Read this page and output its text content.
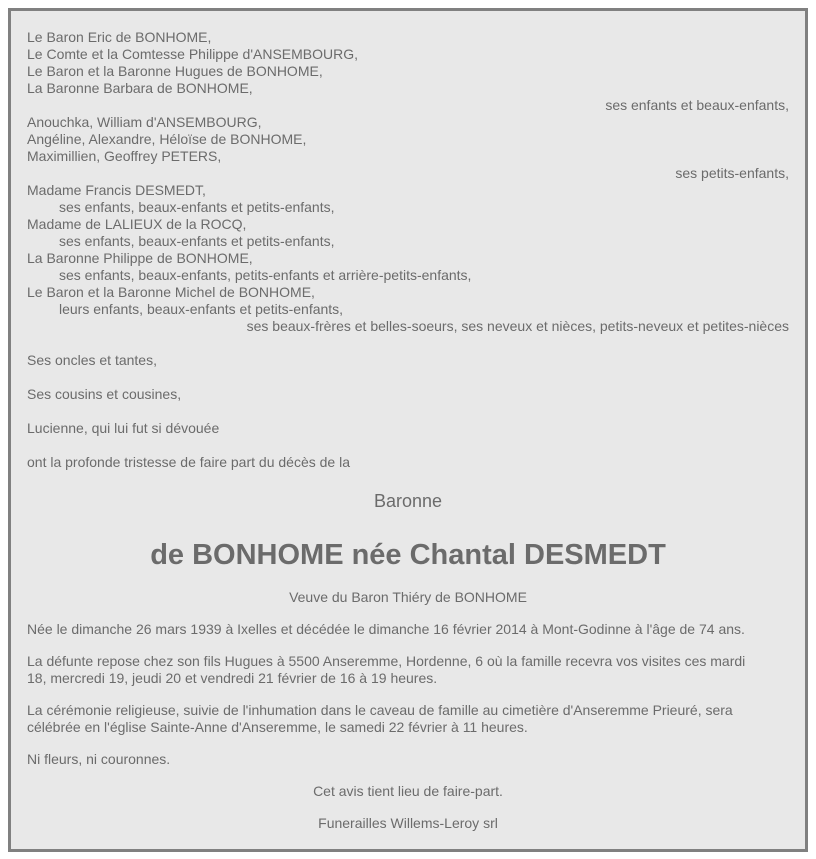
Le Baron Eric de BONHOME,
Le Comte et la Comtesse Philippe d'ANSEMBOURG,
Le Baron et la Baronne Hugues de BONHOME,
La Baronne Barbara de BONHOME,
ses enfants et beaux-enfants,
Anouchka, William d'ANSEMBOURG,
Angéline, Alexandre, Héloïse de BONHOME,
Maximillien, Geoffrey PETERS,
ses petits-enfants,
Madame Francis DESMEDT,
ses enfants, beaux-enfants et petits-enfants,
Madame de LALIEUX de la ROCQ,
ses enfants, beaux-enfants et petits-enfants,
La Baronne Philippe de BONHOME,
ses enfants, beaux-enfants, petits-enfants et arrière-petits-enfants,
Le Baron et la Baronne Michel de BONHOME,
leurs enfants, beaux-enfants et petits-enfants,
ses beaux-frères et belles-soeurs, ses neveux et nièces, petits-neveux et petites-nièces
Ses oncles et tantes,
Ses cousins et cousines,
Lucienne, qui lui fut si dévouée
ont la profonde tristesse de faire part du décès de la
Baronne
de BONHOME née Chantal DESMEDT
Veuve du Baron Thiéry de BONHOME
Née le dimanche 26 mars 1939 à Ixelles et décédée le dimanche 16 février 2014 à Mont-Godinne à l'âge de 74 ans.
La défunte repose chez son fils Hugues à 5500 Anseremme, Hordenne, 6 où la famille recevra vos visites ces mardi
18, mercredi 19, jeudi 20 et vendredi 21 février de 16 à 19 heures.
La cérémonie religieuse, suivie de l'inhumation dans le caveau de famille au cimetière d'Anseremme Prieuré, sera
célébrée en l'église Sainte-Anne d'Anseremme, le samedi 22 février à 11 heures.
Ni fleurs, ni couronnes.
Cet avis tient lieu de faire-part.
Funerailles Willems-Leroy srl
